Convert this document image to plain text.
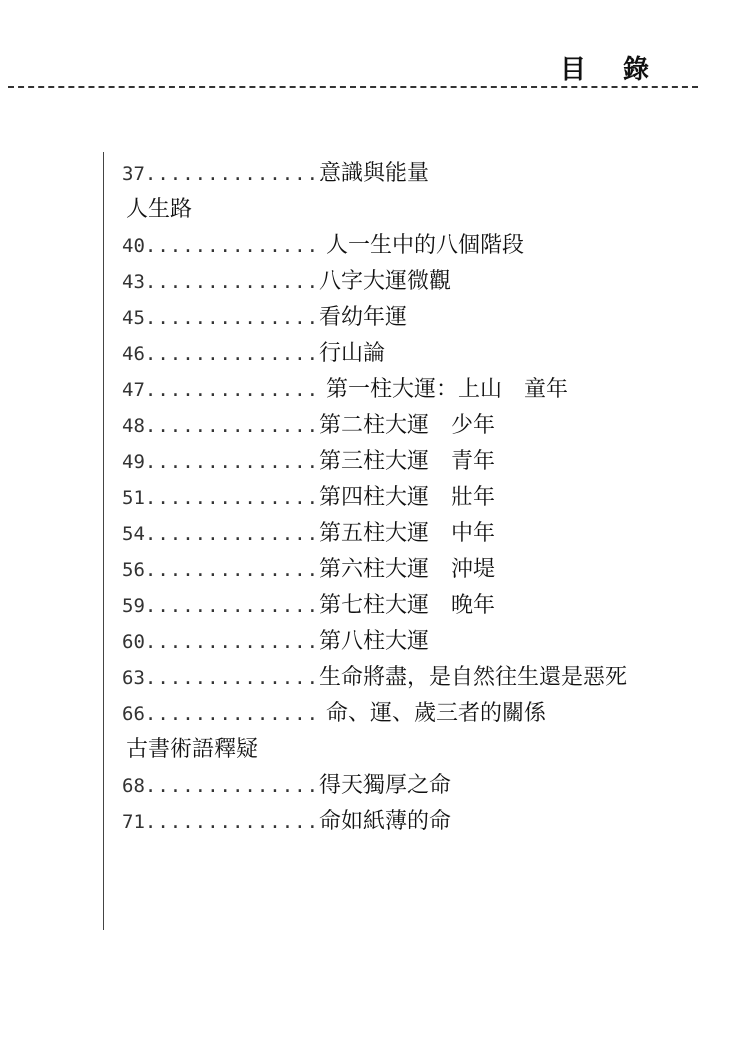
目 錄
37..............意識與能量
人生路
40.............. 人一生中的八個階段
43..............八字大運微觀
45..............看幼年運
46..............行山論
47.............. 第一柱大運：上山　童年
48..............第二柱大運　少年
49..............第三柱大運　青年
51..............第四柱大運　壯年
54..............第五柱大運　中年
56..............第六柱大運　沖堤
59..............第七柱大運　晚年
60..............第八柱大運
63..............生命將盡，是自然往生還是惡死
66.............. 命、運、歲三者的關係
古書術語釋疑
68..............得天獨厚之命
71..............命如紙薄的命
